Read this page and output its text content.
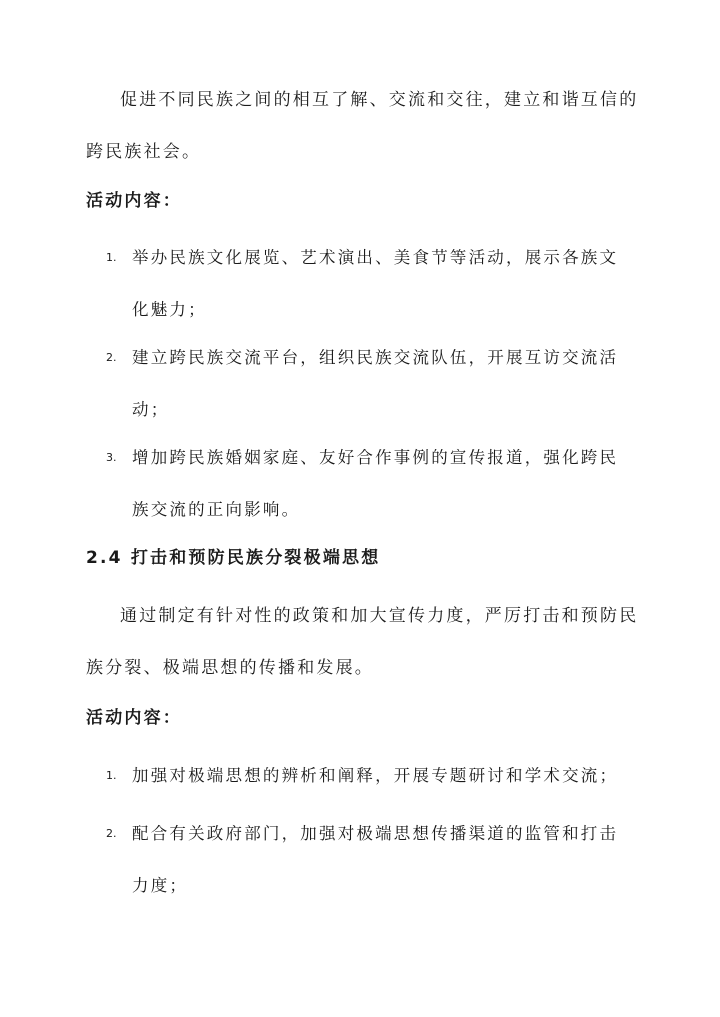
促进不同民族之间的相互了解、交流和交往，建立和谐互信的跨民族社会。

活动内容：

1. 举办民族文化展览、艺术演出、美食节等活动，展示各族文化魅力；
2. 建立跨民族交流平台，组织民族交流队伍，开展互访交流活动；
3. 增加跨民族婚姻家庭、友好合作事例的宣传报道，强化跨民族交流的正向影响。

2.4 打击和预防民族分裂极端思想

通过制定有针对性的政策和加大宣传力度，严厉打击和预防民族分裂、极端思想的传播和发展。

活动内容：

1. 加强对极端思想的辨析和阐释，开展专题研讨和学术交流；
2. 配合有关政府部门，加强对极端思想传播渠道的监管和打击力度；
